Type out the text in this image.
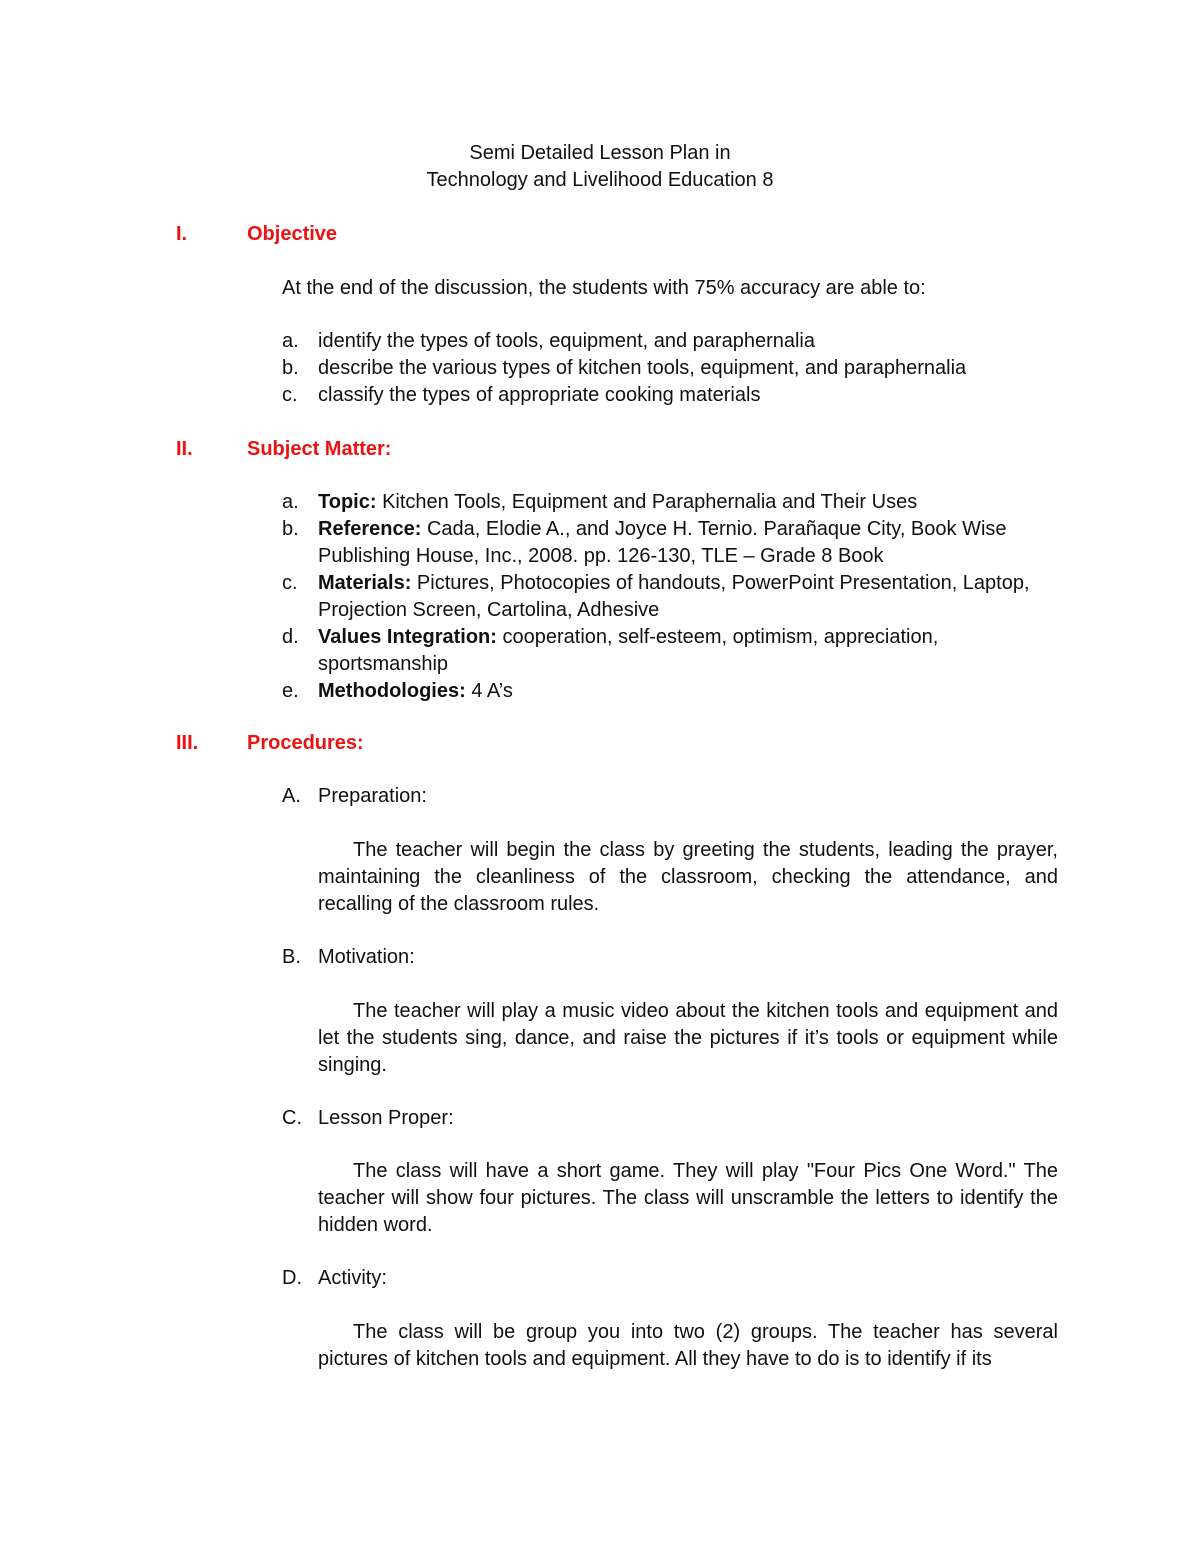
Semi Detailed Lesson Plan in
Technology and Livelihood Education 8
I.	Objective
At the end of the discussion, the students with 75% accuracy are able to:
a. identify the types of tools, equipment, and paraphernalia
b. describe the various types of kitchen tools, equipment, and paraphernalia
c. classify the types of appropriate cooking materials
II.	Subject Matter:
a. Topic: Kitchen Tools, Equipment and Paraphernalia and Their Uses
b. Reference: Cada, Elodie A., and Joyce H. Ternio. Parañaque City, Book Wise Publishing House, Inc., 2008. pp. 126-130, TLE – Grade 8 Book
c. Materials: Pictures, Photocopies of handouts, PowerPoint Presentation, Laptop, Projection Screen, Cartolina, Adhesive
d. Values Integration: cooperation, self-esteem, optimism, appreciation, sportsmanship
e. Methodologies: 4 A’s
III. Procedures:
A. Preparation:
The teacher will begin the class by greeting the students, leading the prayer, maintaining the cleanliness of the classroom, checking the attendance, and recalling of the classroom rules.
B. Motivation:
The teacher will play a music video about the kitchen tools and equipment and let the students sing, dance, and raise the pictures if it’s tools or equipment while singing.
C. Lesson Proper:
The class will have a short game. They will play "Four Pics One Word." The teacher will show four pictures. The class will unscramble the letters to identify the hidden word.
D. Activity:
The class will be group you into two (2) groups. The teacher has several pictures of kitchen tools and equipment. All they have to do is to identify if its
